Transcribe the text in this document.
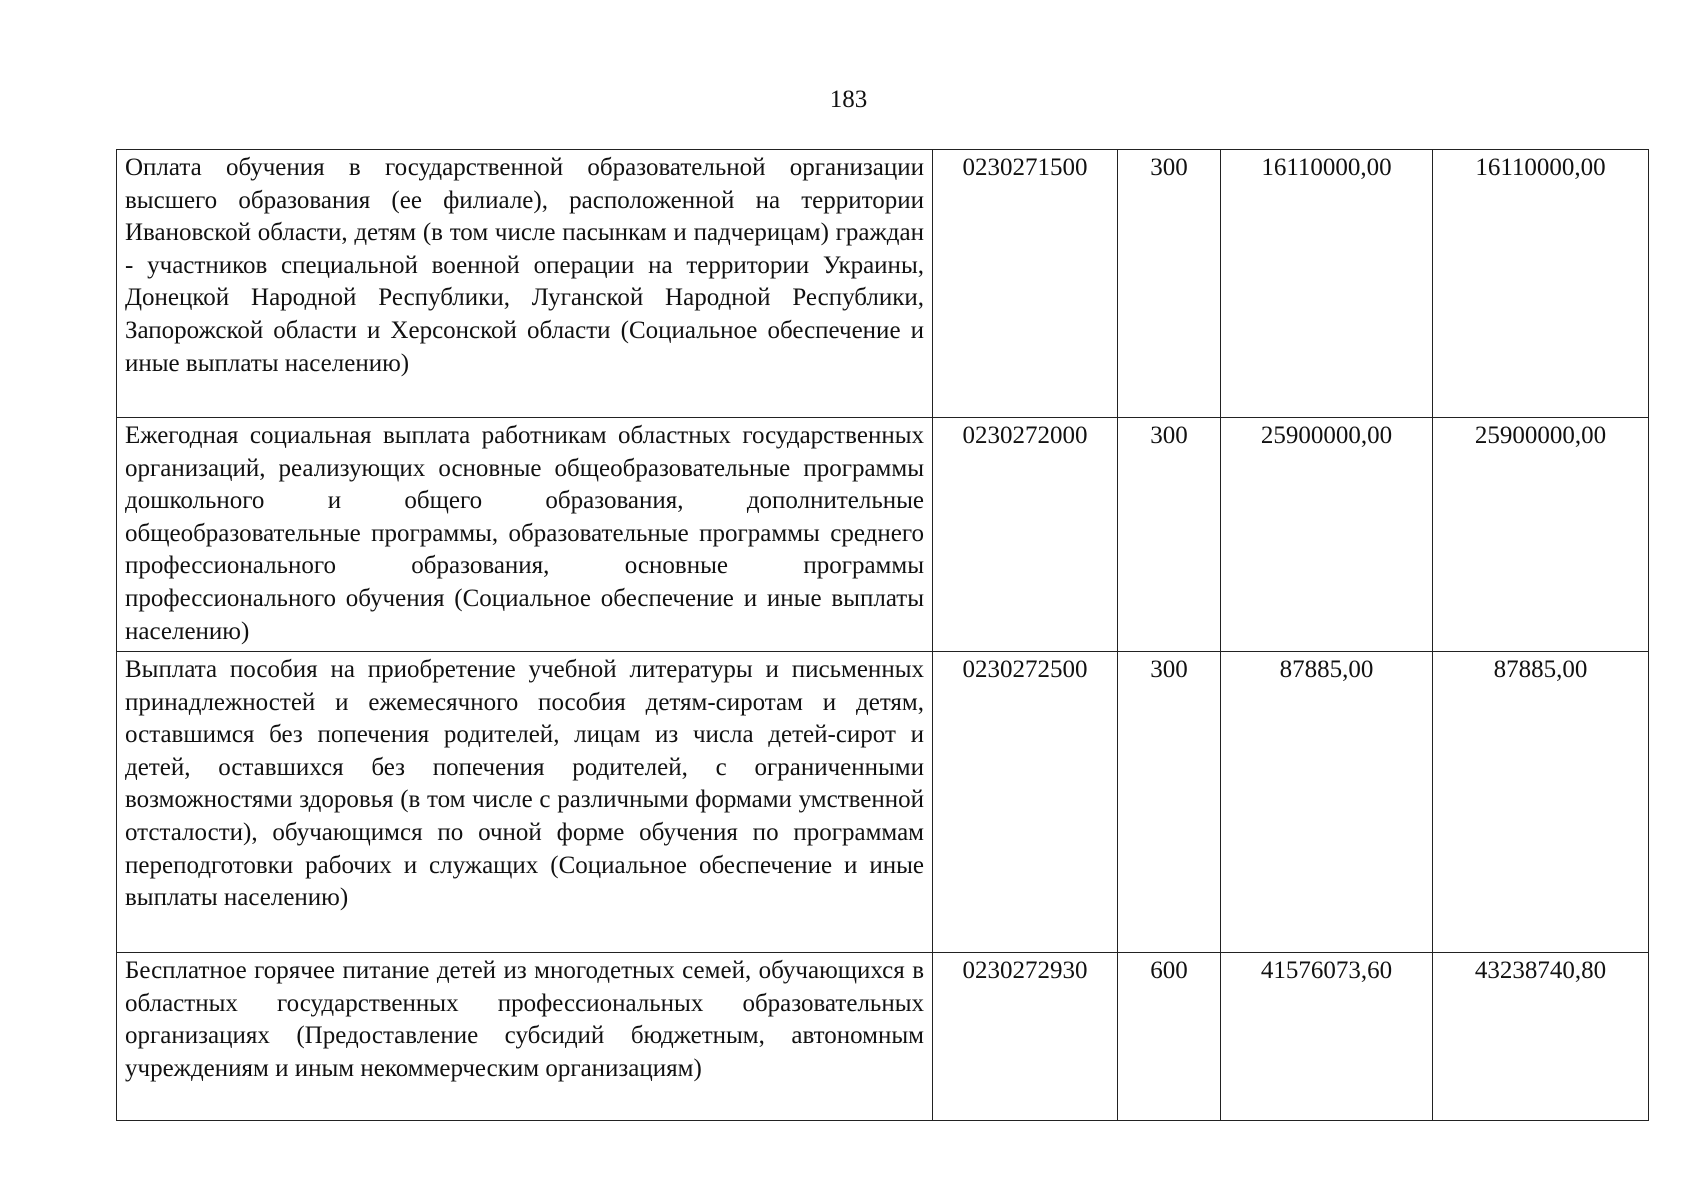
183
Оплата обучения в государственной образовательной организации высшего образования (ее филиале), расположенной на территории Ивановской области, детям (в том числе пасынкам и падчерицам) граждан - участников специальной военной операции на территории Украины, Донецкой Народной Республики, Луганской Народной Республики, Запорожской области и Херсонской области (Социальное обеспечение и иные выплаты населению)	0230271500	300	16110000,00	16110000,00
Ежегодная социальная выплата работникам областных государственных организаций, реализующих основные общеобразовательные программы дошкольного и общего образования, дополнительные общеобразовательные программы, образовательные программы среднего профессионального образования, основные программы профессионального обучения (Социальное обеспечение и иные выплаты населению)	0230272000	300	25900000,00	25900000,00
Выплата пособия на приобретение учебной литературы и письменных принадлежностей и ежемесячного пособия детям-сиротам и детям, оставшимся без попечения родителей, лицам из числа детей-сирот и детей, оставшихся без попечения родителей, с ограниченными возможностями здоровья (в том числе с различными формами умственной отсталости), обучающимся по очной форме обучения по программам переподготовки рабочих и служащих (Социальное обеспечение и иные выплаты населению)	0230272500	300	87885,00	87885,00
Бесплатное горячее питание детей из многодетных семей, обучающихся в областных государственных профессиональных образовательных организациях (Предоставление субсидий бюджетным, автономным учреждениям и иным некоммерческим организациям)	0230272930	600	41576073,60	43238740,80
